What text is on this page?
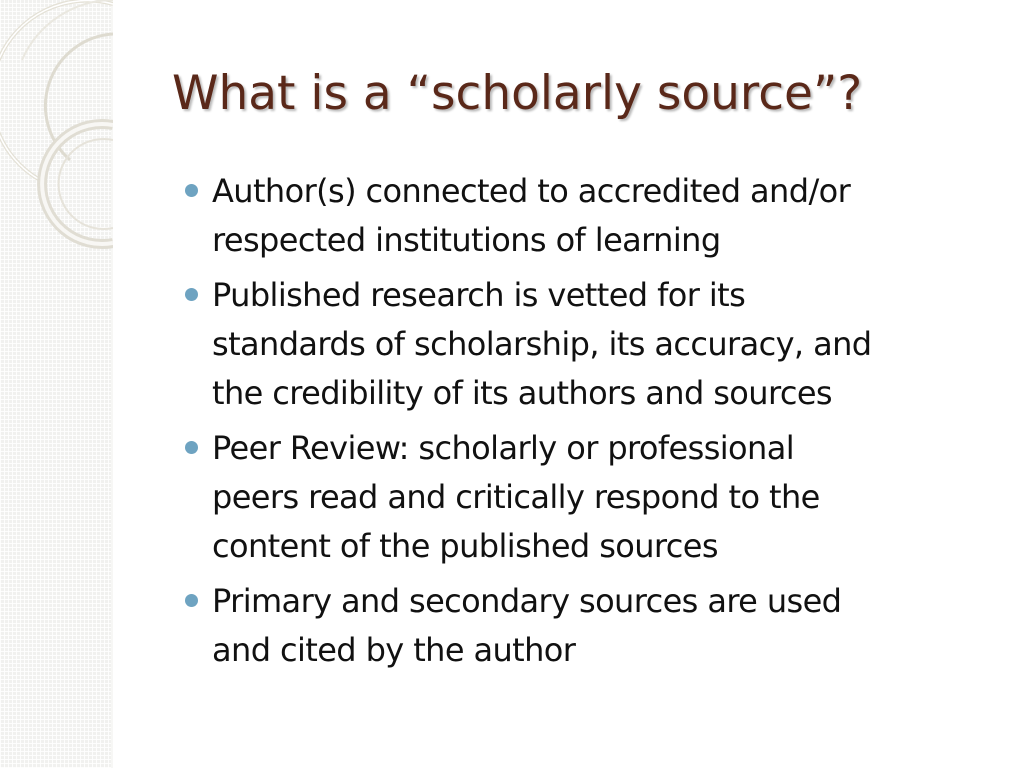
What is a “scholarly source”?
Author(s) connected to accredited and/or
respected institutions of learning
Published research is vetted for its
standards of scholarship, its accuracy, and
the credibility of its authors and sources
Peer Review: scholarly or professional
peers read and critically respond to the
content of the published sources
Primary and secondary sources are used
and cited by the author
